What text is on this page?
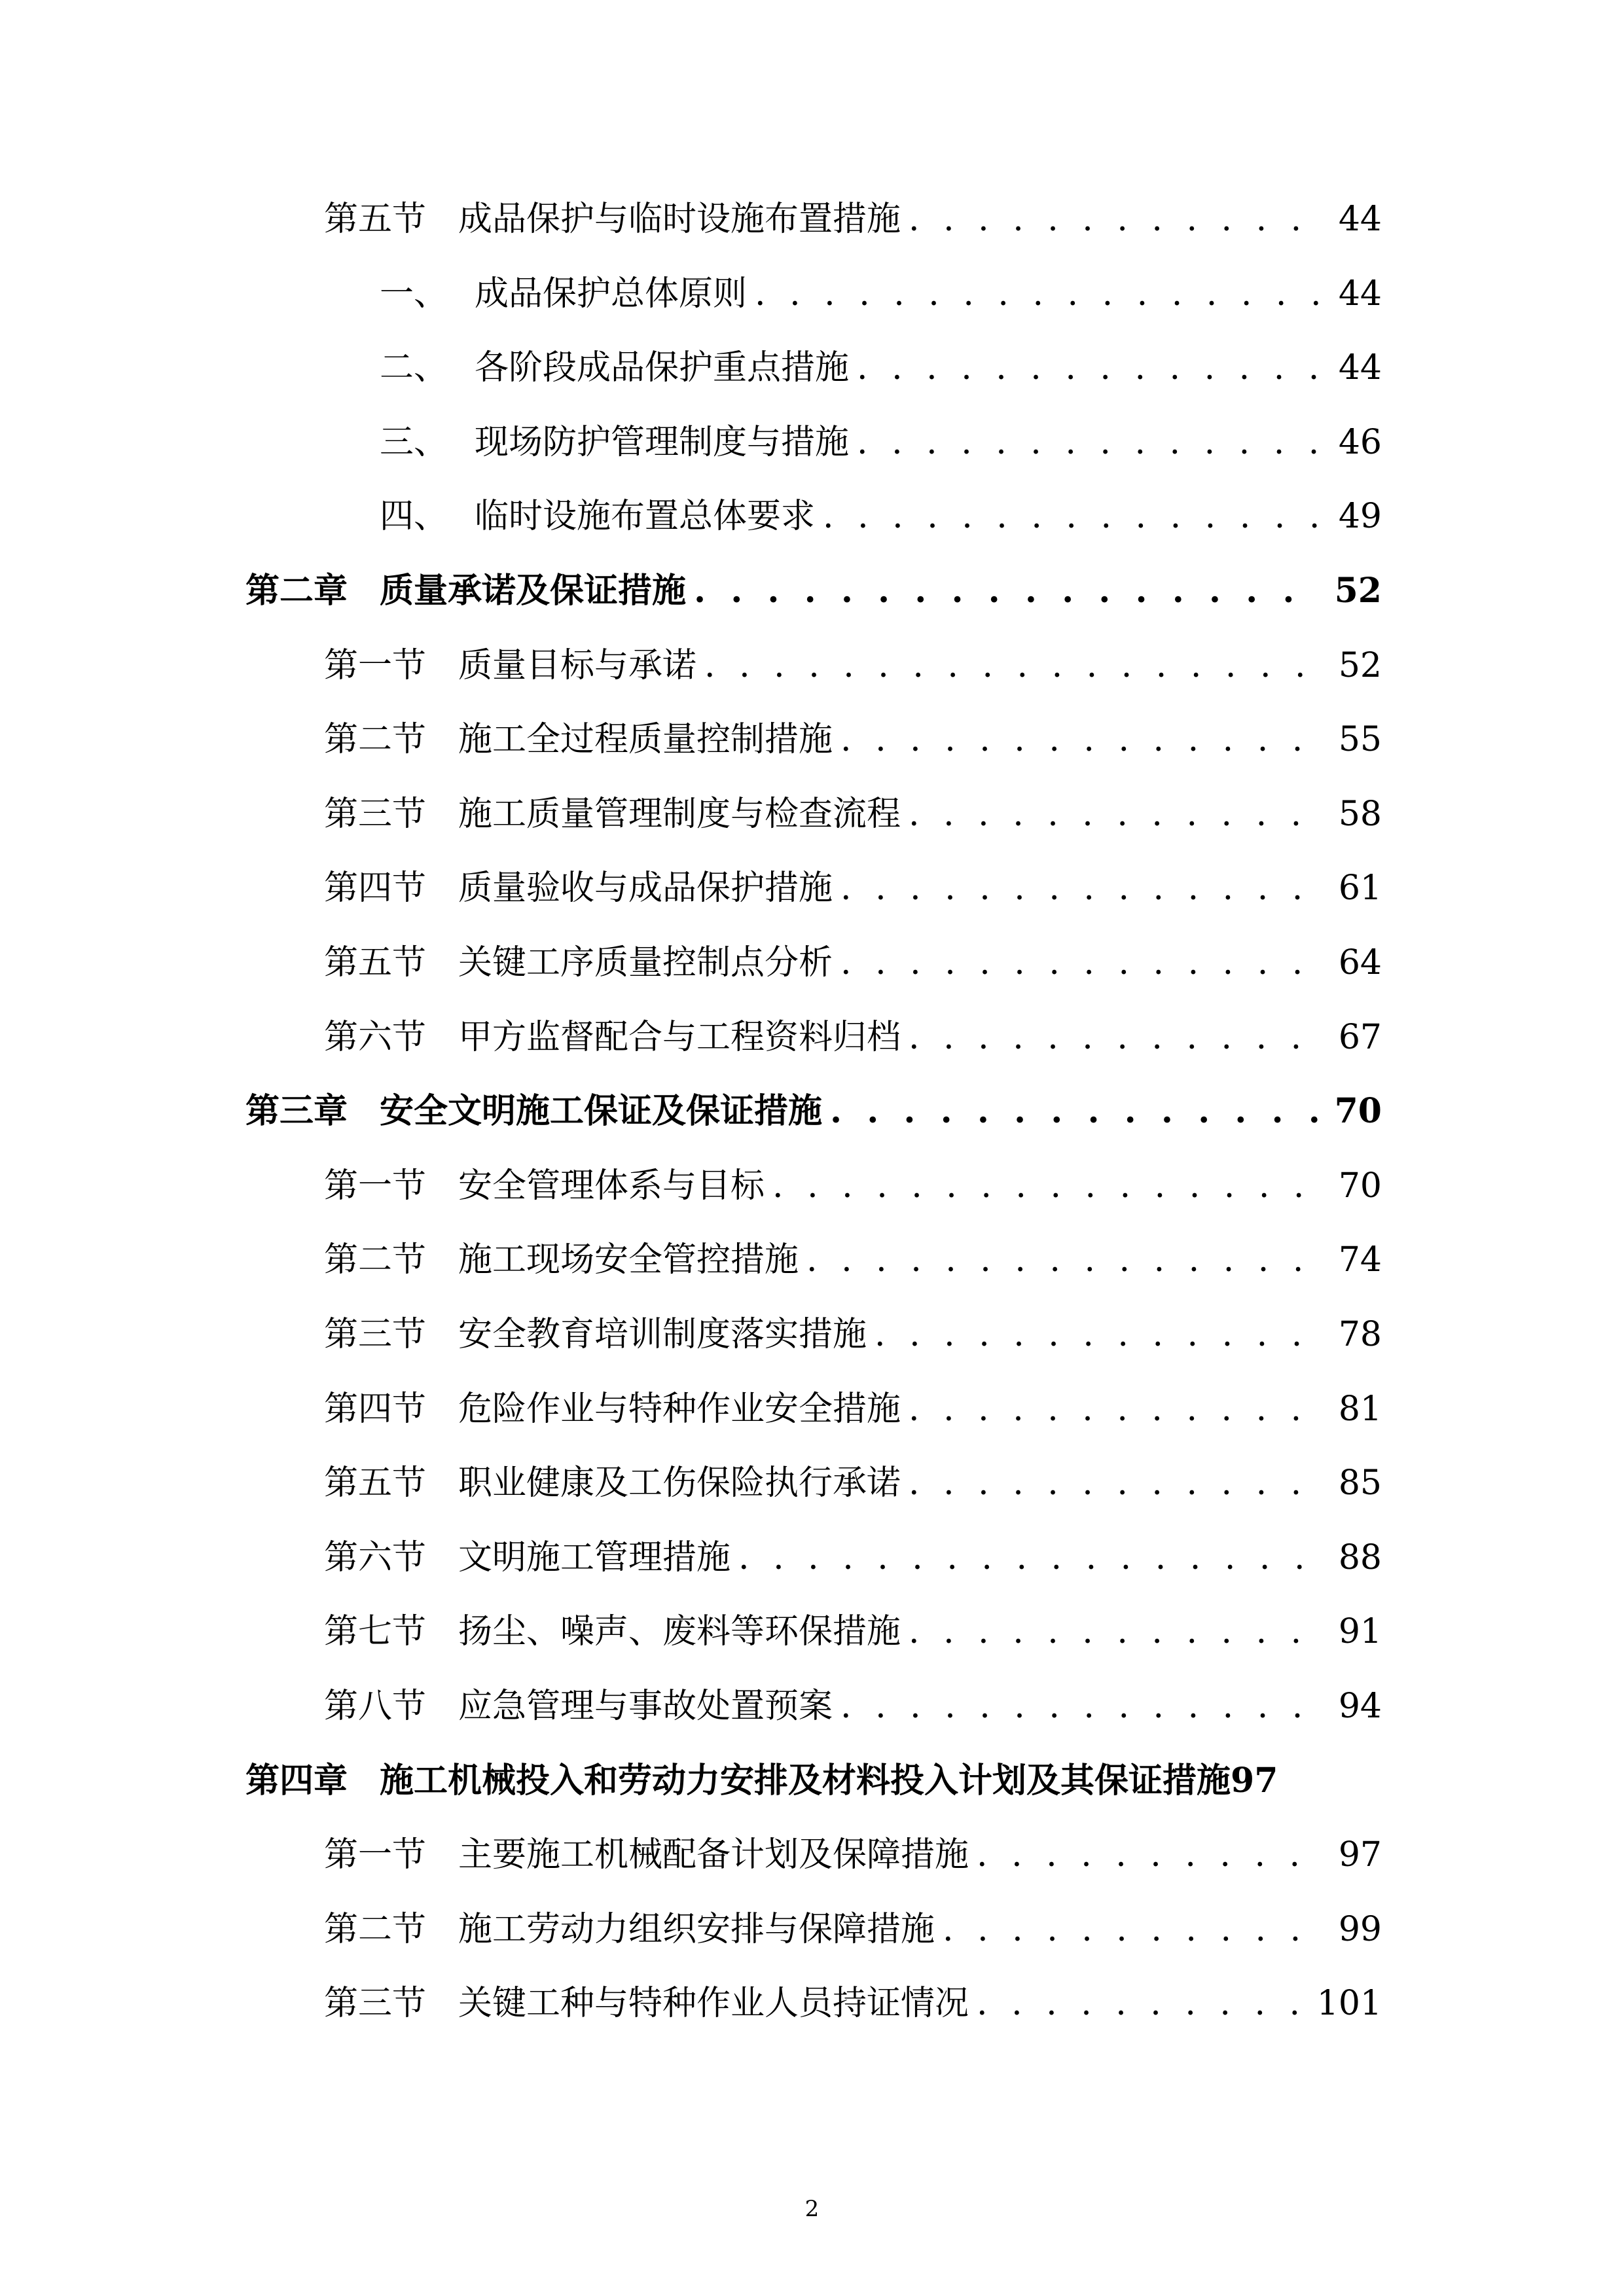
第五节 成品保护与临时设施布置措施 . . .	44
一、 成品保护总体原则 . . .	44
二、 各阶段成品保护重点措施 . . .	44
三、 现场防护管理制度与措施 . . .	46
四、 临时设施布置总体要求 . . .	49
第二章 质量承诺及保证措施 . . .	52
第一节 质量目标与承诺 . . .	52
第二节 施工全过程质量控制措施 . . .	55
第三节 施工质量管理制度与检查流程 . . .	58
第四节 质量验收与成品保护措施 . . .	61
第五节 关键工序质量控制点分析 . . .	64
第六节 甲方监督配合与工程资料归档 . . .	67
第三章 安全文明施工保证及保证措施 . . .	70
第一节 安全管理体系与目标 . . .	70
第二节 施工现场安全管控措施 . . .	74
第三节 安全教育培训制度落实措施 . . .	78
第四节 危险作业与特种作业安全措施 . . .	81
第五节 职业健康及工伤保险执行承诺 . . .	85
第六节 文明施工管理措施 . . .	88
第七节 扬尘、噪声、废料等环保措施 . . .	91
第八节 应急管理与事故处置预案 . . .	94
第四章 施工机械投入和劳动力安排及材料投入计划及其保证措施 97
第一节 主要施工机械配备计划及保障措施 . . .	97
第二节 施工劳动力组织安排与保障措施 . . .	99
第三节 关键工种与特种作业人员持证情况 . . .	101
2
